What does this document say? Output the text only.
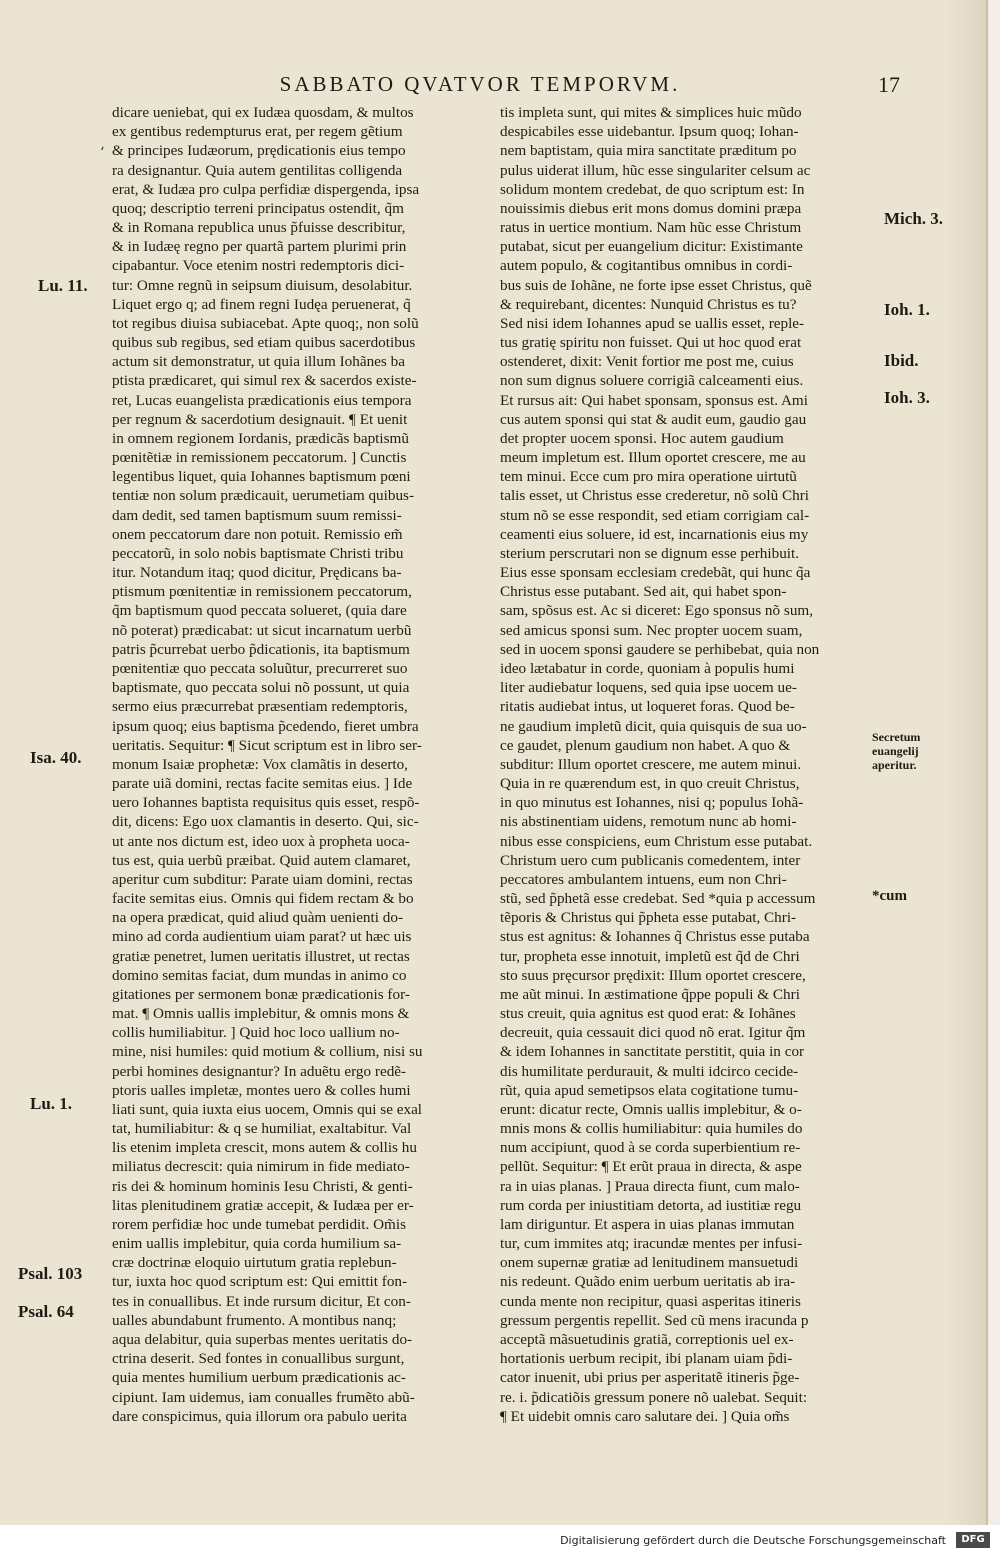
SABBATO QVATVOR TEMPORVM.	17
‘
dicare ueniebat, qui ex Iudæa quosdam, & multos
ex gentibus redempturus erat, per regem gẽtium
& principes Iudæorum, prędicationis eius tempo
ra designantur. Quia autem gentilitas colligenda
erat, & Iudæa pro culpa perfidiæ dispergenda, ipsa
quoq; descriptio terreni principatus ostendit, q̃m
& in Romana republica unus p̃fuisse describitur,
& in Iudæę regno per quartã partem plurimi prin
cipabantur. Voce etenim nostri redemptoris dici-
tur: Omne regnũ in seipsum diuisum, desolabitur.
Liquet ergo q; ad finem regni Iudęa peruenerat, q̃
tot regibus diuisa subiacebat. Apte quoq;, non solũ
quibus sub regibus, sed etiam quibus sacerdotibus
actum sit demonstratur, ut quia illum Iohãnes ba
ptista prædicaret, qui simul rex & sacerdos existe-
ret, Lucas euangelista prædicationis eius tempora
per regnum & sacerdotium designauit. ¶ Et uenit
in omnem regionem Iordanis, prædicãs baptismũ
pœnitẽtiæ in remissionem peccatorum. ] Cunctis
legentibus liquet, quia Iohannes baptismum pœni
tentiæ non solum prædicauit, uerumetiam quibus-
dam dedit, sed tamen baptismum suum remissi-
onem peccatorum dare non potuit. Remissio em̃
peccatorũ, in solo nobis baptismate Christi tribu
itur. Notandum itaq; quod dicitur, Prędicans ba-
ptismum pœnitentiæ in remissionem peccatorum,
q̃m baptismum quod peccata solueret, (quia dare
nõ poterat) prædicabat: ut sicut incarnatum uerbũ
patris p̃currebat uerbo p̃dicationis, ita baptismum
pœnitentiæ quo peccata soluũtur, precurreret suo
baptismate, quo peccata solui nõ possunt, ut quia
sermo eius præcurrebat præsentiam redemptoris,
ipsum quoq; eius baptisma p̃cedendo, fieret umbra
ueritatis. Sequitur: ¶ Sicut scriptum est in libro ser-
monum Isaiæ prophetæ: Vox clamãtis in deserto,
parate uiã domini, rectas facite semitas eius. ] Ide
uero Iohannes baptista requisitus quis esset, respõ-
dit, dicens: Ego uox clamantis in deserto. Qui, sic-
ut ante nos dictum est, ideo uox à propheta uoca-
tus est, quia uerbũ præibat. Quid autem clamaret,
aperitur cum subditur: Parate uiam domini, rectas
facite semitas eius. Omnis qui fidem rectam & bo
na opera prædicat, quid aliud quàm uenienti do-
mino ad corda audientium uiam parat? ut hæc uis
gratiæ penetret, lumen ueritatis illustret, ut rectas
domino semitas faciat, dum mundas in animo co
gitationes per sermonem bonæ prædicationis for-
mat. ¶ Omnis uallis implebitur, & omnis mons &
collis humiliabitur. ] Quid hoc loco uallium no-
mine, nisi humiles: quid motium & collium, nisi su
perbi homines designantur? In aduẽtu ergo redẽ-
ptoris ualles impletæ, montes uero & colles humi
liati sunt, quia iuxta eius uocem, Omnis qui se exal
tat, humiliabitur: & q se humiliat, exaltabitur. Val
lis etenim impleta crescit, mons autem & collis hu
miliatus decrescit: quia nimirum in fide mediato-
ris dei & hominum hominis Iesu Christi, & genti-
litas plenitudinem gratiæ accepit, & Iudæa per er-
rorem perfidiæ hoc unde tumebat perdidit. Om̃is
enim uallis implebitur, quia corda humilium sa-
cræ doctrinæ eloquio uirtutum gratia replebun-
tur, iuxta hoc quod scriptum est: Qui emittit fon-
tes in conuallibus. Et inde rursum dicitur, Et con-
ualles abundabunt frumento. A montibus nanq;
aqua delabitur, quia superbas mentes ueritatis do-
ctrina deserit. Sed fontes in conuallibus surgunt,
quia mentes humilium uerbum prædicationis ac-
cipiunt. Iam uidemus, iam conualles frumẽto abũ-
dare conspicimus, quia illorum ora pabulo uerita
tis impleta sunt, qui mites & simplices huic mũdo
despicabiles esse uidebantur. Ipsum quoq; Iohan-
nem baptistam, quia mira sanctitate præditum po
pulus uiderat illum, hũc esse singulariter celsum ac
solidum montem credebat, de quo scriptum est: In
nouissimis diebus erit mons domus domini præpa
ratus in uertice montium. Nam hũc esse Christum
putabat, sicut per euangelium dicitur: Existimante
autem populo, & cogitantibus omnibus in cordi-
bus suis de Iohãne, ne forte ipse esset Christus, quẽ
& requirebant, dicentes: Nunquid Christus es tu?
Sed nisi idem Iohannes apud se uallis esset, reple-
tus gratię spiritu non fuisset. Qui ut hoc quod erat
ostenderet, dixit: Venit fortior me post me, cuius
non sum dignus soluere corrigiã calceamenti eius.
Et rursus ait: Qui habet sponsam, sponsus est. Ami
cus autem sponsi qui stat & audit eum, gaudio gau
det propter uocem sponsi. Hoc autem gaudium
meum impletum est. Illum oportet crescere, me au
tem minui. Ecce cum pro mira operatione uirtutũ
talis esset, ut Christus esse crederetur, nõ solũ Chri
stum nõ se esse respondit, sed etiam corrigiam cal-
ceamenti eius soluere, id est, incarnationis eius my
sterium perscrutari non se dignum esse perhibuit.
Eius esse sponsam ecclesiam credebãt, qui hunc q̃a
Christus esse putabant. Sed ait, qui habet spon-
sam, spõsus est. Ac si diceret: Ego sponsus nõ sum,
sed amicus sponsi sum. Nec propter uocem suam,
sed in uocem sponsi gaudere se perhibebat, quia non
ideo lætabatur in corde, quoniam à populis humi
liter audiebatur loquens, sed quia ipse uocem ue-
ritatis audiebat intus, ut loqueret foras. Quod be-
ne gaudium impletũ dicit, quia quisquis de sua uo-
ce gaudet, plenum gaudium non habet. A quo &
subditur: Illum oportet crescere, me autem minui.
Quia in re quærendum est, in quo creuit Christus,
in quo minutus est Iohannes, nisi q; populus Iohã-
nis abstinentiam uidens, remotum nunc ab homi-
nibus esse conspiciens, eum Christum esse putabat.
Christum uero cum publicanis comedentem, inter
peccatores ambulantem intuens, eum non Chri-
stũ, sed p̃phetã esse credebat. Sed *quia p accessum
tẽporis & Christus qui p̃pheta esse putabat, Chri-
stus est agnitus: & Iohannes q̃ Christus esse putaba
tur, propheta esse innotuit, impletũ est q̃d de Chri
sto suus pręcursor prędixit: Illum oportet crescere,
me aũt minui. In æstimatione q̃ppe populi & Chri
stus creuit, quia agnitus est quod erat: & Iohãnes
decreuit, quia cessauit dici quod nõ erat. Igitur q̃m
& idem Iohannes in sanctitate perstitit, quia in cor
dis humilitate perdurauit, & multi idcirco cecide-
rũt, quia apud semetipsos elata cogitatione tumu-
erunt: dicatur recte, Omnis uallis implebitur, & o-
mnis mons & collis humiliabitur: quia humiles do
num accipiunt, quod à se corda superbientium re-
pellũt. Sequitur: ¶ Et erũt praua in directa, & aspe
ra in uias planas. ] Praua directa fiunt, cum malo-
rum corda per iniustitiam detorta, ad iustitiæ regu
lam diriguntur. Et aspera in uias planas immutan
tur, cum immites atq; iracundæ mentes per infusi-
onem supernæ gratiæ ad lenitudinem mansuetudi
nis redeunt. Quãdo enim uerbum ueritatis ab ira-
cunda mente non recipitur, quasi asperitas itineris
gressum pergentis repellit. Sed cũ mens iracunda p
acceptã mãsuetudinis gratiã, correptionis uel ex-
hortationis uerbum recipit, ibi planam uiam p̃di-
cator inuenit, ubi prius per asperitatẽ itineris p̃ge-
re. i. p̃dicatiõis gressum ponere nõ ualebat. Sequit:
¶ Et uidebit omnis caro salutare dei. ] Quia om̃s
Lu. 11.
Isa. 40.
Lu. 1.
Psal. 103
Psal. 64
Mich. 3.
Ioh. 1.
Ibid.
Ioh. 3.
Secretum
euangelij
aperitur.
*cum
Digitalisierung gefördert durch die Deutsche Forschungsgemeinschaft	DFG
